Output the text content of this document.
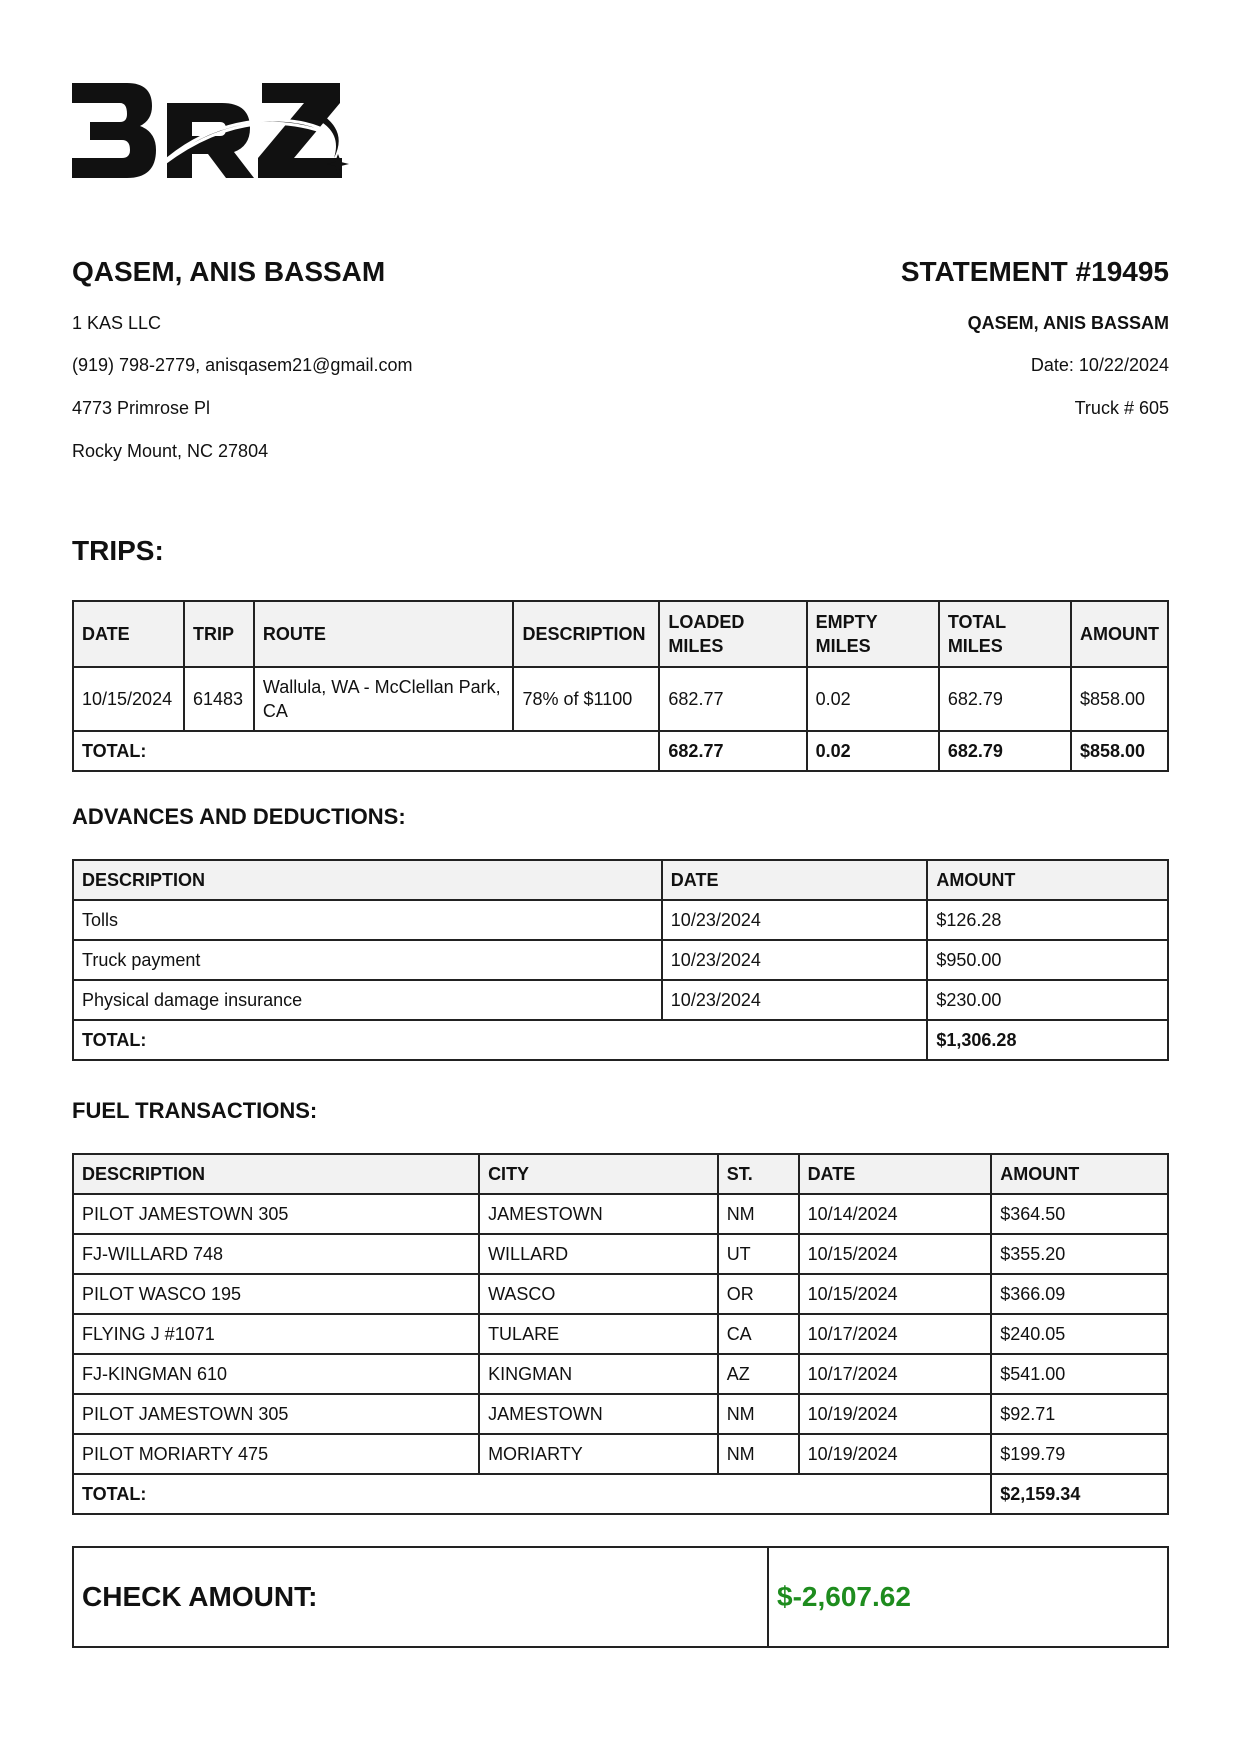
QASEM, ANIS BASSAM

1 KAS LLC

(919) 798-2779, anisqasem21@gmail.com

4773 Primrose Pl

Rocky Mount, NC 27804

STATEMENT #19495

QASEM, ANIS BASSAM

Date: 10/22/2024

Truck # 605

TRIPS:
DATE	TRIP	ROUTE	DESCRIPTION	LOADED MILES	EMPTY MILES	TOTAL MILES	AMOUNT
10/15/2024	61483	Wallula, WA - McClellan Park, CA	78% of $1100	682.77	0.02	682.79	$858.00
TOTAL:				682.77	0.02	682.79	$858.00
ADVANCES AND DEDUCTIONS:
DESCRIPTION	DATE	AMOUNT
Tolls	10/23/2024	$126.28
Truck payment	10/23/2024	$950.00
Physical damage insurance	10/23/2024	$230.00
TOTAL:		$1,306.28
FUEL TRANSACTIONS:
DESCRIPTION	CITY	ST.	DATE	AMOUNT
PILOT JAMESTOWN 305	JAMESTOWN	NM	10/14/2024	$364.50
FJ-WILLARD 748	WILLARD	UT	10/15/2024	$355.20
PILOT WASCO 195	WASCO	OR	10/15/2024	$366.09
FLYING J #1071	TULARE	CA	10/17/2024	$240.05
FJ-KINGMAN 610	KINGMAN	AZ	10/17/2024	$541.00
PILOT JAMESTOWN 305	JAMESTOWN	NM	10/19/2024	$92.71
PILOT MORIARTY 475	MORIARTY	NM	10/19/2024	$199.79
TOTAL:				$2,159.34
CHECK AMOUNT:	$-2,607.62
